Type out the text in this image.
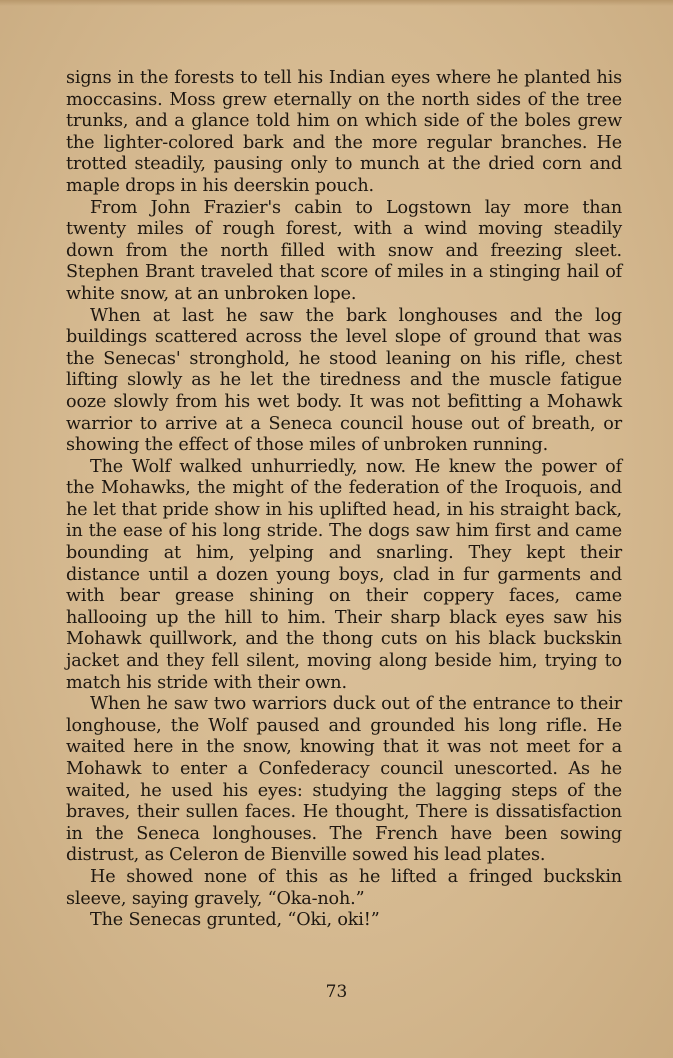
signs in the forests to tell his Indian eyes where he planted his moccasins. Moss grew eternally on the north sides of the tree trunks, and a glance told him on which side of the boles grew the lighter-colored bark and the more regular branches. He trotted steadily, pausing only to munch at the dried corn and maple drops in his deerskin pouch.

From John Frazier's cabin to Logstown lay more than twenty miles of rough forest, with a wind moving steadily down from the north filled with snow and freezing sleet. Stephen Brant traveled that score of miles in a stinging hail of white snow, at an unbroken lope.

When at last he saw the bark longhouses and the log buildings scattered across the level slope of ground that was the Senecas' stronghold, he stood leaning on his rifle, chest lifting slowly as he let the tiredness and the muscle fatigue ooze slowly from his wet body. It was not befitting a Mohawk warrior to arrive at a Seneca council house out of breath, or showing the effect of those miles of unbroken running.

The Wolf walked unhurriedly, now. He knew the power of the Mohawks, the might of the federation of the Iroquois, and he let that pride show in his uplifted head, in his straight back, in the ease of his long stride. The dogs saw him first and came bounding at him, yelping and snarling. They kept their distance until a dozen young boys, clad in fur garments and with bear grease shining on their coppery faces, came hallooing up the hill to him. Their sharp black eyes saw his Mohawk quillwork, and the thong cuts on his black buckskin jacket and they fell silent, moving along beside him, trying to match his stride with their own.

When he saw two warriors duck out of the entrance to their longhouse, the Wolf paused and grounded his long rifle. He waited here in the snow, knowing that it was not meet for a Mohawk to enter a Confederacy council unescorted. As he waited, he used his eyes: studying the lagging steps of the braves, their sullen faces. He thought, There is dissatisfaction in the Seneca longhouses. The French have been sowing distrust, as Celeron de Bienville sowed his lead plates.

He showed none of this as he lifted a fringed buckskin sleeve, saying gravely, “Oka-noh.”

The Senecas grunted, “Oki, oki!”

73
